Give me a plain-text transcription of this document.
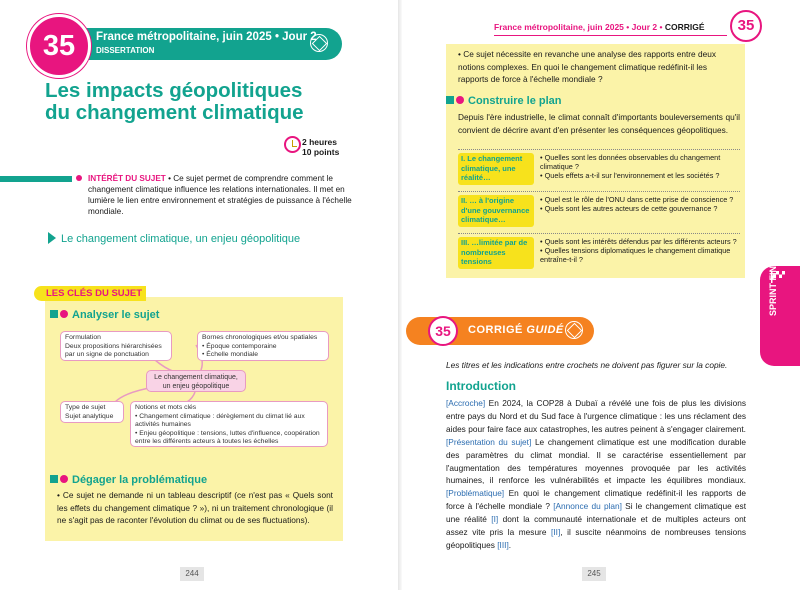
France métropolitaine, juin 2025 • Jour 2
DISSERTATION
35
Les impacts géopolitiques
du changement climatique
2 heures
10 points
INTÉRÊT DU SUJET • Ce sujet permet de comprendre comment le changement climatique influence les relations internationales. Il met en lumière le lien entre environnement et stratégies de puissance à l'échelle mondiale.
Le changement climatique, un enjeu géopolitique
LES CLÉS DU SUJET
Analyser le sujet
Formulation
Deux propositions hiérarchisées par un signe de ponctuation
Bornes chronologiques et/ou spatiales
• Époque contemporaine
• Échelle mondiale
Le changement climatique,
un enjeu géopolitique
Type de sujet
Sujet analytique
Notions et mots clés
• Changement climatique : dérèglement du climat lié aux activités humaines
• Enjeu géopolitique : tensions, luttes d'influence, coopération entre les différents acteurs à toutes les échelles
Dégager la problématique

• Ce sujet ne demande ni un tableau descriptif (ce n'est pas « Quels sont les effets du changement climatique ? »), ni un traitement chronologique (il ne s'agit pas de raconter l'évolution du climat ou de ses fluctuations).

244
France métropolitaine, juin 2025 • Jour 2 • CORRIGÉ	35

• Ce sujet nécessite en revanche une analyse des rapports entre deux notions complexes. En quoi le changement climatique redéfinit-il les rapports de force à l'échelle mondiale ?

Construire le plan

Depuis l'ère industrielle, le climat connaît d'importants bouleversements qu'il convient de décrire avant d'en présenter les conséquences géopolitiques.

I. Le changement climatique, une réalité…
• Quelles sont les données observables du changement climatique ?
• Quels effets a-t-il sur l'environnement et les sociétés ?
II. … à l'origine d'une gouvernance climatique…
• Quel est le rôle de l'ONU dans cette prise de conscience ?
• Quels sont les autres acteurs de cette gouvernance ?
III. …limitée par de nombreuses tensions
• Quels sont les intérêts défendus par les différents acteurs ?
• Quelles tensions diplomatiques le changement climatique entraîne-t-il ?	SPRINT FINAL
35	CORRIGÉ GUIDÉ

Les titres et les indications entre crochets ne doivent pas figurer sur la copie.

Introduction

[Accroche] En 2024, la COP28 à Dubaï a révélé une fois de plus les divisions entre pays du Nord et du Sud face à l'urgence climatique : les uns réclament des aides pour faire face aux catastrophes, les autres peinent à s'engager clairement. [Présentation du sujet] Le changement climatique est une modification durable des paramètres du climat mondial. Il se caractérise essentiellement par l'augmentation des températures moyennes provoquée par les activités humaines, il renforce les vulnérabilités et impacte les équilibres mondiaux. [Problématique] En quoi le changement climatique redéfinit-il les rapports de force à l'échelle mondiale ? [Annonce du plan] Si le changement climatique est une réalité [I] dont la communauté internationale et de multiples acteurs ont assez vite pris la mesure [II], il suscite néanmoins de nombreuses tensions géopolitiques [III].

245
